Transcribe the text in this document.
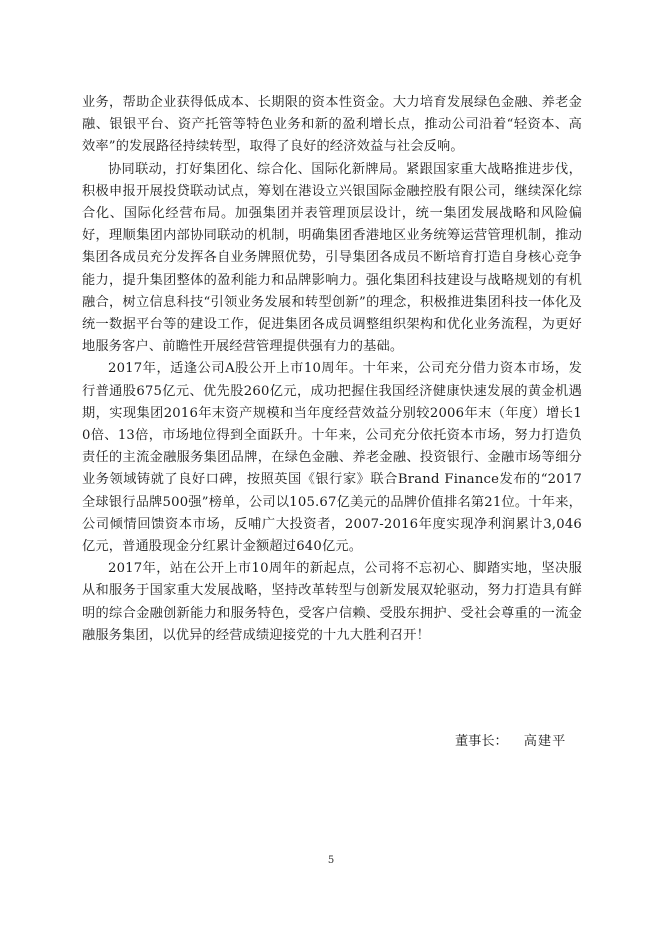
业务，帮助企业获得低成本、长期限的资本性资金。大力培育发展绿色金融、养老金融、银银平台、资产托管等特色业务和新的盈利增长点，推动公司沿着“轻资本、高效率”的发展路径持续转型，取得了良好的经济效益与社会反响。

协同联动，打好集团化、综合化、国际化新牌局。紧跟国家重大战略推进步伐，积极申报开展投贷联动试点，筹划在港设立兴银国际金融控股有限公司，继续深化综合化、国际化经营布局。加强集团并表管理顶层设计，统一集团发展战略和风险偏好，理顺集团内部协同联动的机制，明确集团香港地区业务统筹运营管理机制，推动集团各成员充分发挥各自业务牌照优势，引导集团各成员不断培育打造自身核心竞争能力，提升集团整体的盈利能力和品牌影响力。强化集团科技建设与战略规划的有机融合，树立信息科技“引领业务发展和转型创新”的理念，积极推进集团科技一体化及统一数据平台等的建设工作，促进集团各成员调整组织架构和优化业务流程，为更好地服务客户、前瞻性开展经营管理提供强有力的基础。

2017年，适逢公司A股公开上市10周年。十年来，公司充分借力资本市场，发行普通股675亿元、优先股260亿元，成功把握住我国经济健康快速发展的黄金机遇期，实现集团2016年末资产规模和当年度经营效益分别较2006年末（年度）增长10倍、13倍，市场地位得到全面跃升。十年来，公司充分依托资本市场，努力打造负责任的主流金融服务集团品牌，在绿色金融、养老金融、投资银行、金融市场等细分业务领域铸就了良好口碑，按照英国《银行家》联合Brand Finance发布的“2017全球银行品牌500强”榜单，公司以105.67亿美元的品牌价值排名第21位。十年来，公司倾情回馈资本市场，反哺广大投资者，2007-2016年度实现净利润累计3,046亿元，普通股现金分红累计金额超过640亿元。

2017年，站在公开上市10周年的新起点，公司将不忘初心、脚踏实地，坚决服从和服务于国家重大发展战略，坚持改革转型与创新发展双轮驱动，努力打造具有鲜明的综合金融创新能力和服务特色，受客户信赖、受股东拥护、受社会尊重的一流金融服务集团，以优异的经营成绩迎接党的十九大胜利召开！

董事长： 高建平
5
